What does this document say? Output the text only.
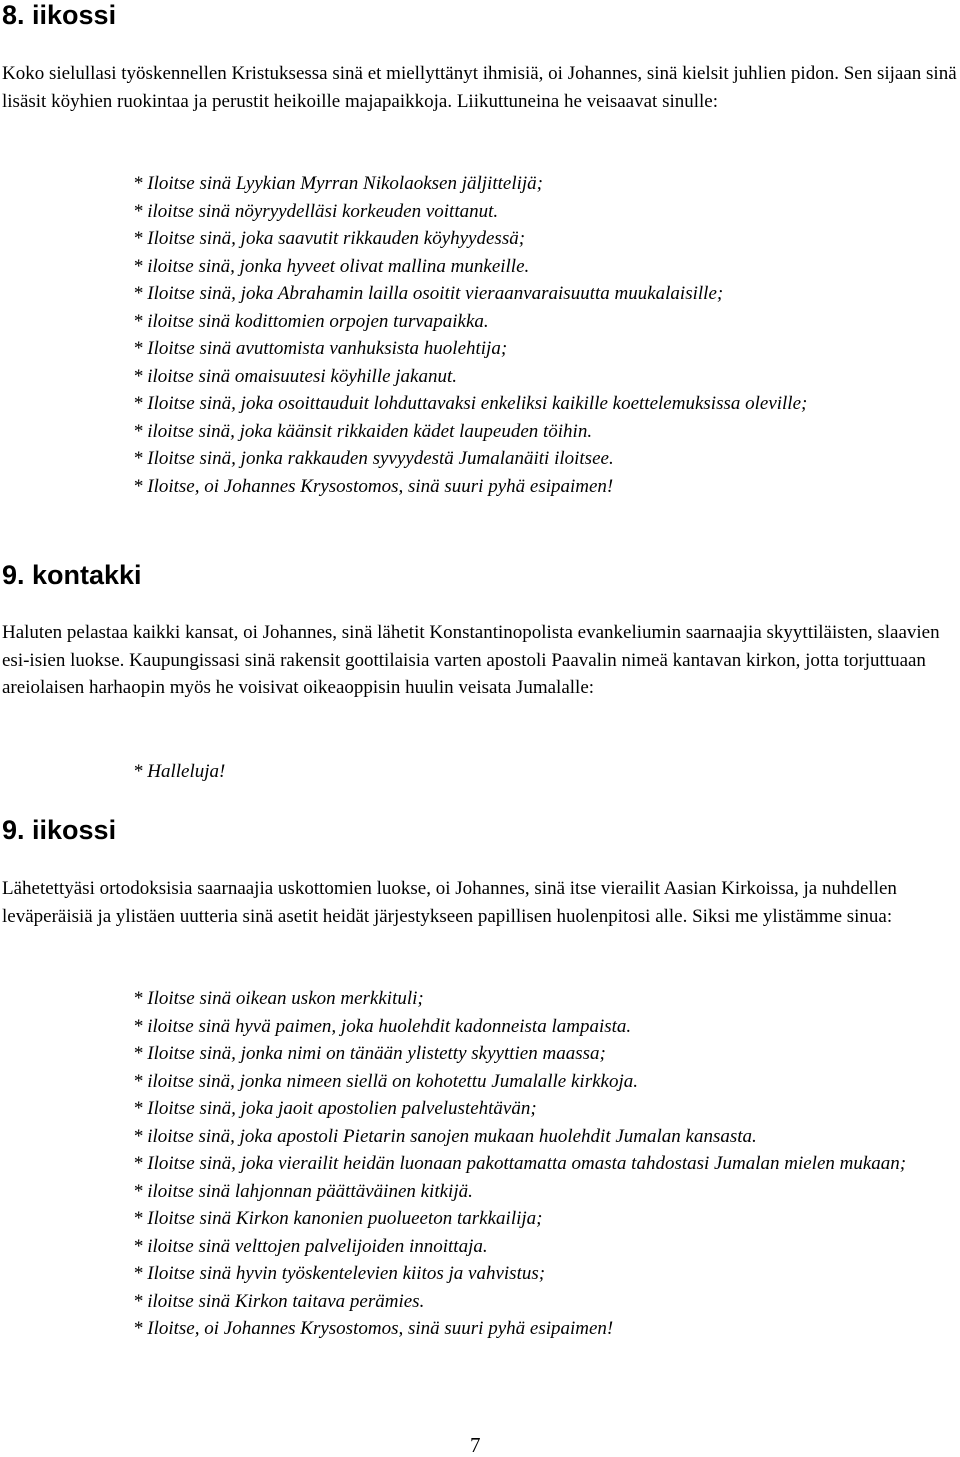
8. iikossi

Koko sielullasi työskennellen Kristuksessa sinä et miellyttänyt ihmisiä, oi Johannes, sinä kielsit juhlien pidon. Sen sijaan sinä lisäsit köyhien ruokintaa ja perustit heikoille majapaikkoja. Liikuttuneina he veisaavat sinulle:

* Iloitse sinä Lyykian Myrran Nikolaoksen jäljittelijä;
* iloitse sinä nöyryydelläsi korkeuden voittanut.
* Iloitse sinä, joka saavutit rikkauden köyhyydessä;
* iloitse sinä, jonka hyveet olivat mallina munkeille.
* Iloitse sinä, joka Abrahamin lailla osoitit vieraanvaraisuutta muukalaisille;
* iloitse sinä kodittomien orpojen turvapaikka.
* Iloitse sinä avuttomista vanhuksista huolehtija;
* iloitse sinä omaisuutesi köyhille jakanut.
* Iloitse sinä, joka osoittauduit lohduttavaksi enkeliksi kaikille koettelemuksissa oleville;
* iloitse sinä, joka käänsit rikkaiden kädet laupeuden töihin.
* Iloitse sinä, jonka rakkauden syvyydestä Jumalanäiti iloitsee.
* Iloitse, oi Johannes Krysostomos, sinä suuri pyhä esipaimen!
9. kontakki

Haluten pelastaa kaikki kansat, oi Johannes, sinä lähetit Konstantinopolista evankeliumin saarnaajia skyyttiläisten, slaavien esi-isien luokse. Kaupungissasi sinä rakensit goottilaisia varten apostoli Paavalin nimeä kantavan kirkon, jotta torjuttuaan areiolaisen harhaopin myös he voisivat oikeaoppisin huulin veisata Jumalalle:

* Halleluja!
9. iikossi

Lähetettyäsi ortodoksisia saarnaajia uskottomien luokse, oi Johannes, sinä itse vierailit Aasian Kirkoissa, ja nuhdellen leväperäisiä ja ylistäen uutteria sinä asetit heidät järjestykseen papillisen huolenpitosi alle. Siksi me ylistämme sinua:

* Iloitse sinä oikean uskon merkkituli;
* iloitse sinä hyvä paimen, joka huolehdit kadonneista lampaista.
* Iloitse sinä, jonka nimi on tänään ylistetty skyyttien maassa;
* iloitse sinä, jonka nimeen siellä on kohotettu Jumalalle kirkkoja.
* Iloitse sinä, joka jaoit apostolien palvelustehtävän;
* iloitse sinä, joka apostoli Pietarin sanojen mukaan huolehdit Jumalan kansasta.
* Iloitse sinä, joka vierailit heidän luonaan pakottamatta omasta tahdostasi Jumalan mielen mukaan;
* iloitse sinä lahjonnan päättäväinen kitkijä.
* Iloitse sinä Kirkon kanonien puolueeton tarkkailija;
* iloitse sinä velttojen palvelijoiden innoittaja.
* Iloitse sinä hyvin työskentelevien kiitos ja vahvistus;
* iloitse sinä Kirkon taitava perämies.
* Iloitse, oi Johannes Krysostomos, sinä suuri pyhä esipaimen!
7
